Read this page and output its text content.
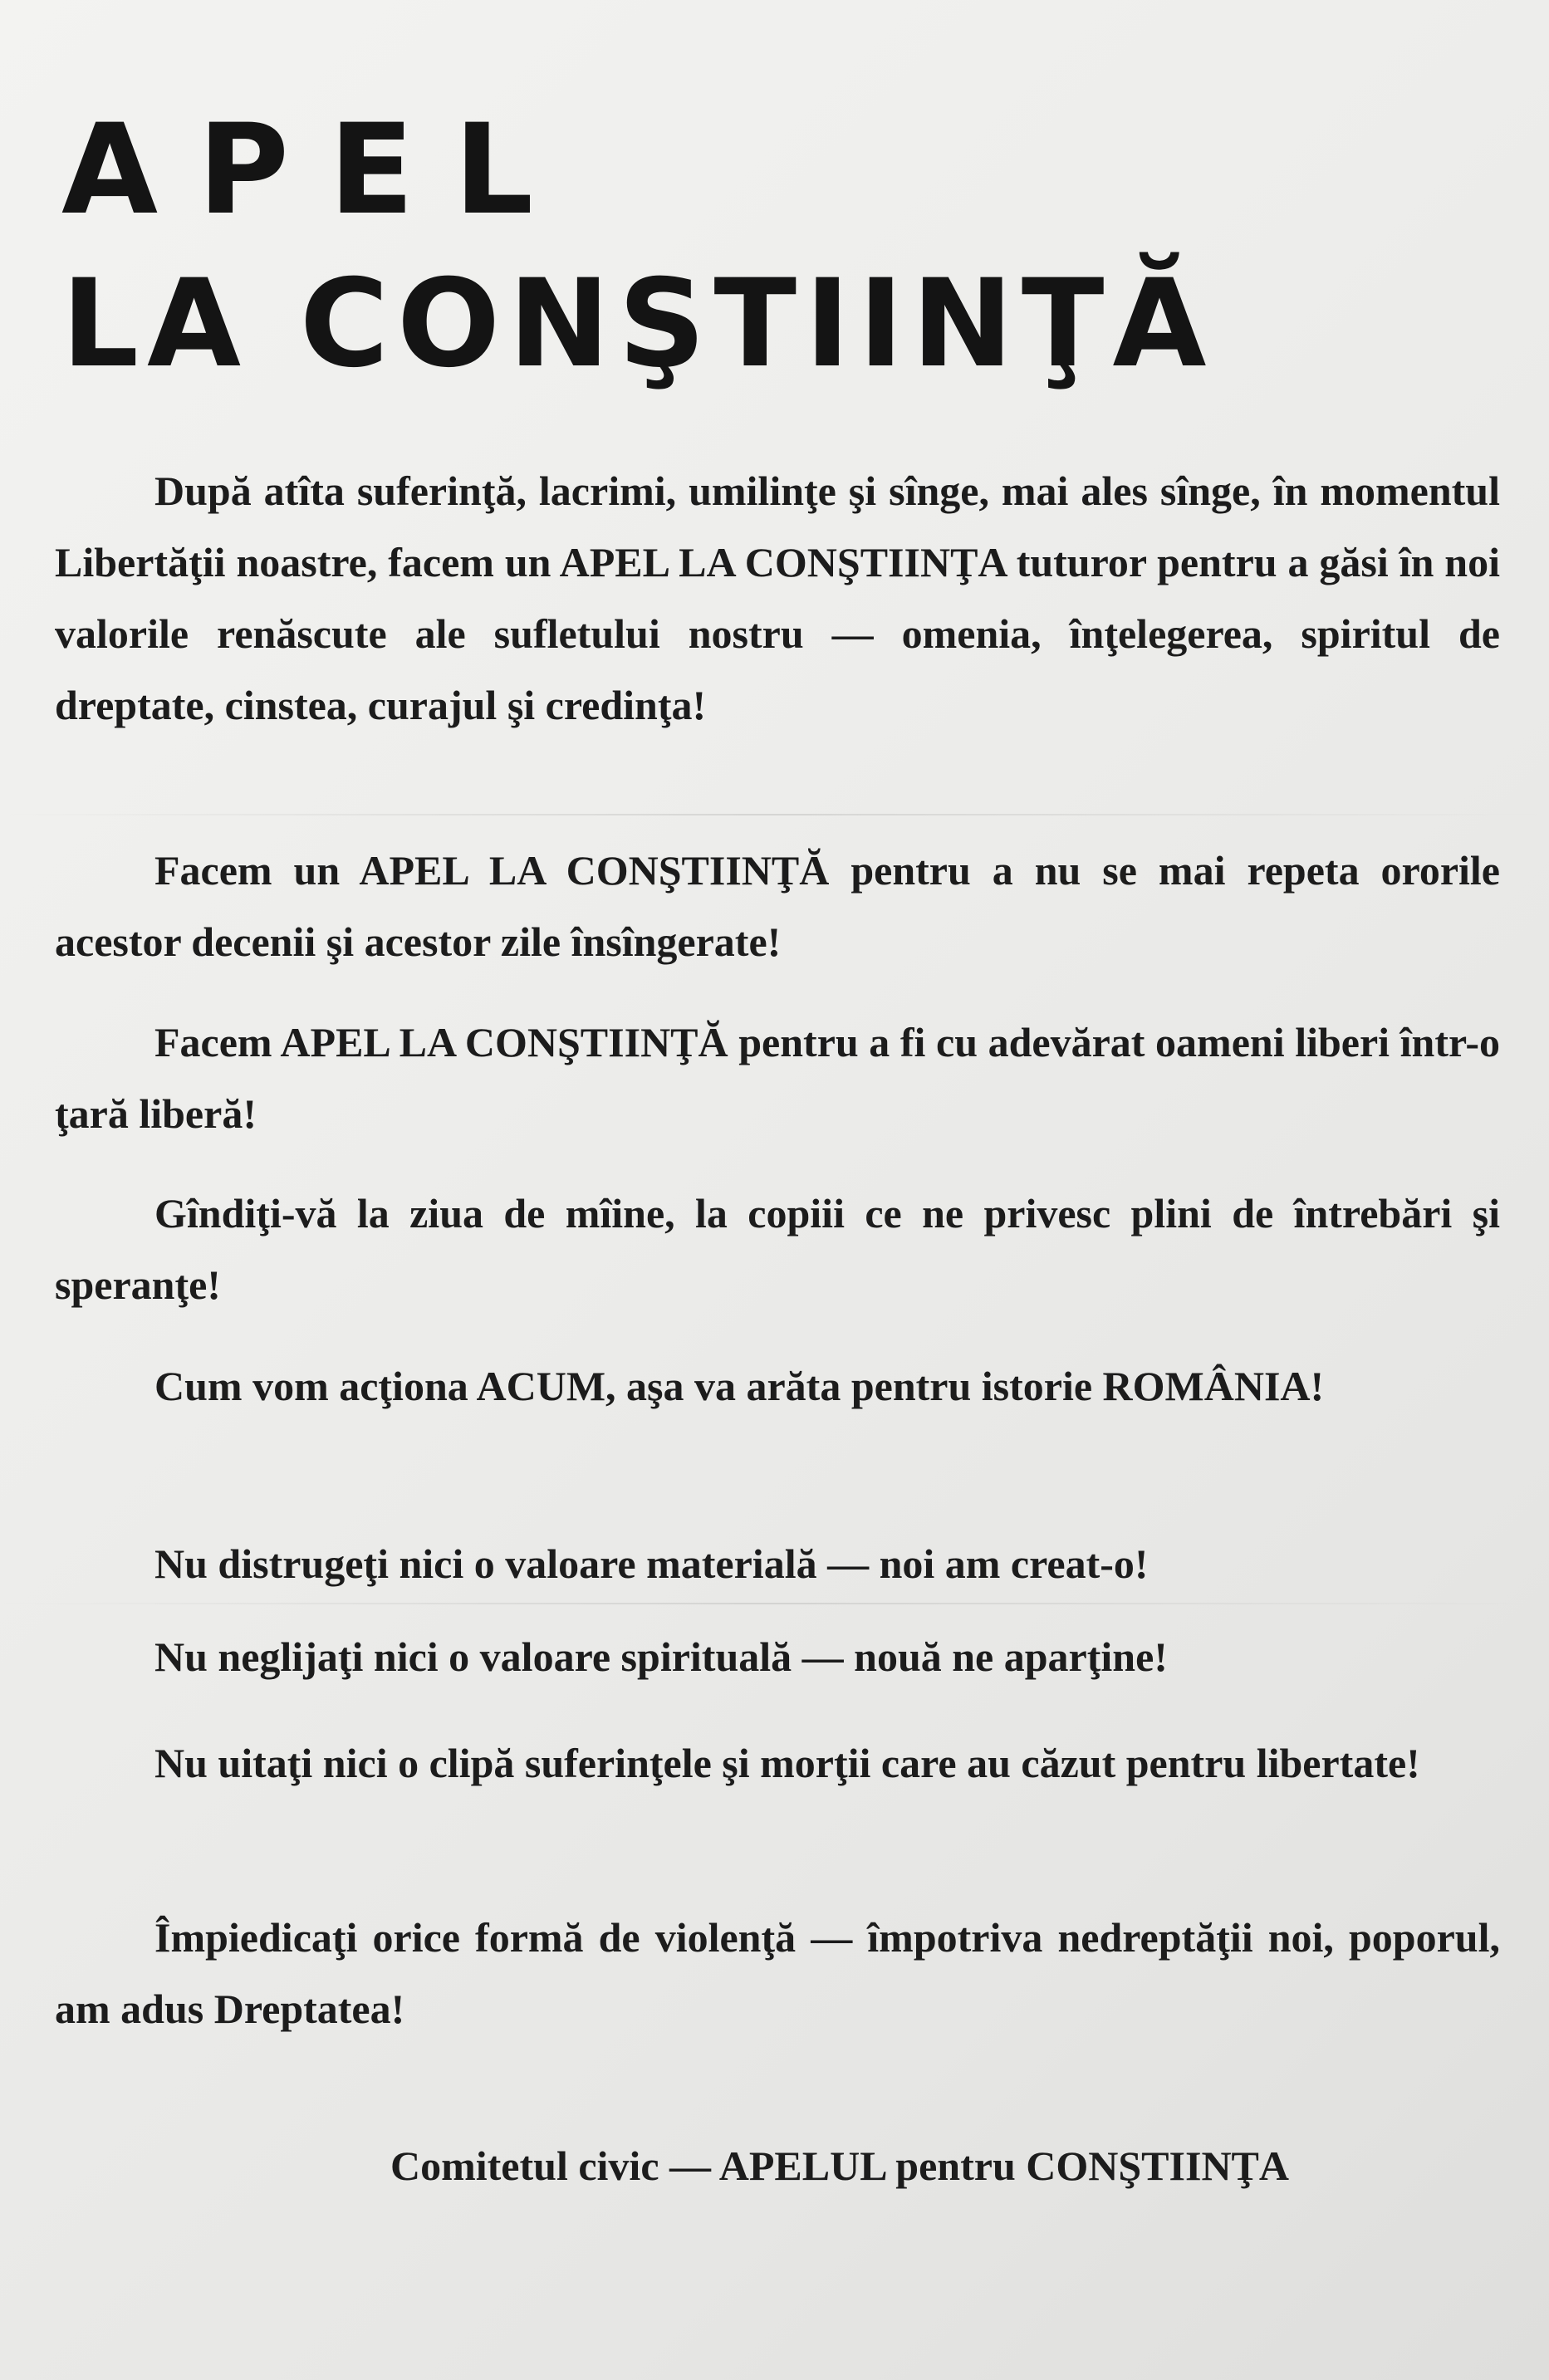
APEL
LA CONŞTIINŢĂ

După atîta suferinţă, lacrimi, umilinţe şi sînge, mai ales sînge, în momentul Libertăţii noastre, facem un APEL LA CONŞTIINŢA tuturor pentru a găsi în noi valorile renăscute ale sufletului nostru — omenia, înţelegerea, spiritul de dreptate, cinstea, curajul şi credinţa!

Facem un APEL LA CONŞTIINŢĂ pentru a nu se mai repeta ororile acestor decenii şi acestor zile însîngerate!

Facem APEL LA CONŞTIINŢĂ pentru a fi cu adevărat oameni liberi într-o ţară liberă!

Gîndiţi-vă la ziua de mîine, la copiii ce ne privesc plini de întrebări şi speranţe!

Cum vom acţiona ACUM, aşa va arăta pentru istorie ROMÂNIA!

Nu distrugeţi nici o valoare materială — noi am creat-o!

Nu neglijaţi nici o valoare spirituală — nouă ne aparţine!

Nu uitaţi nici o clipă suferinţele şi morţii care au căzut pentru libertate!

Împiedicaţi orice formă de violenţă — împotriva nedreptăţii noi, poporul, am adus Dreptatea!

Comitetul civic — APELUL pentru CONŞTIINŢA
